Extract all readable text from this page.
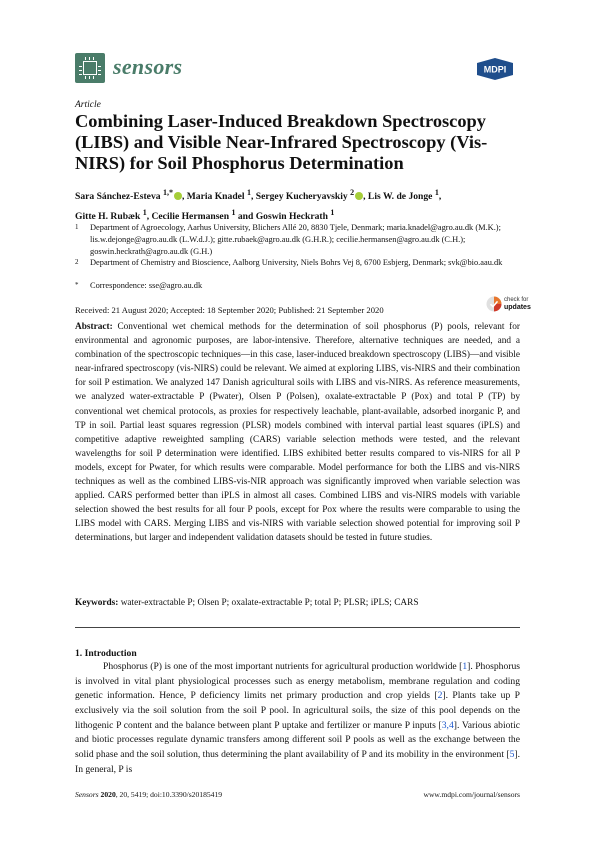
sensors	MDPI
Article
Combining Laser-Induced Breakdown Spectroscopy (LIBS) and Visible Near-Infrared Spectroscopy (Vis-NIRS) for Soil Phosphorus Determination
Sara Sánchez-Esteva $^{1,*}$ , Maria Knadel $^1$, Sergey Kucheryavskiy $^2$ , Lis W. de Jonge $^1$,
Gitte H. Rubæk $^1$, Cecilie Hermansen $^1$ and Goswin Heckrath $^1$
1 Department of Agroecology, Aarhus University, Blichers Allé 20, 8830 Tjele, Denmark; maria.knadel@agro.au.dk (M.K.); lis.w.dejonge@agro.au.dk (L.W.d.J.); gitte.rubaek@agro.au.dk (G.H.R.); cecilie.hermansen@agro.au.dk (C.H.); goswin.heckrath@agro.au.dk (G.H.)
2 Department of Chemistry and Bioscience, Aalborg University, Niels Bohrs Vej 8, 6700 Esbjerg, Denmark; svk@bio.aau.dk
* Correspondence: sse@agro.au.dk
Received: 21 August 2020; Accepted: 18 September 2020; Published: 21 September 2020
check for
updates
Abstract: Conventional wet chemical methods for the determination of soil phosphorus (P) pools, relevant for environmental and agronomic purposes, are labor-intensive. Therefore, alternative techniques are needed, and a combination of the spectroscopic techniques—in this case, laser-induced breakdown spectroscopy (LIBS)—and visible near-infrared spectroscopy (vis-NIRS) could be relevant. We aimed at exploring LIBS, vis-NIRS and their combination for soil P estimation. We analyzed 147 Danish agricultural soils with LIBS and vis-NIRS. As reference measurements, we analyzed water-extractable P (Pwater), Olsen P (Polsen), oxalate-extractable P (Pox) and total P (TP) by conventional wet chemical protocols, as proxies for respectively leachable, plant-available, adsorbed inorganic P, and TP in soil. Partial least squares regression (PLSR) models combined with interval partial least squares (iPLS) and competitive adaptive reweighted sampling (CARS) variable selection methods were tested, and the relevant wavelengths for soil P determination were identified. LIBS exhibited better results compared to vis-NIRS for all P models, except for Pwater, for which results were comparable. Model performance for both the LIBS and vis-NIRS techniques as well as the combined LIBS-vis-NIR approach was significantly improved when variable selection was applied. CARS performed better than iPLS in almost all cases. Combined LIBS and vis-NIRS models with variable selection showed the best results for all four P pools, except for Pox where the results were comparable to using the LIBS model with CARS. Merging LIBS and vis-NIRS with variable selection showed potential for improving soil P determinations, but larger and independent validation datasets should be tested in future studies.
Keywords: water-extractable P; Olsen P; oxalate-extractable P; total P; PLSR; iPLS; CARS
1. Introduction
Phosphorus (P) is one of the most important nutrients for agricultural production worldwide [1]. Phosphorus is involved in vital plant physiological processes such as energy metabolism, membrane regulation and coding genetic information. Hence, P deficiency limits net primary production and crop yields [2]. Plants take up P exclusively via the soil solution from the soil P pool. In agricultural soils, the size of this pool depends on the lithogenic P content and the balance between plant P uptake and fertilizer or manure P inputs [3,4]. Various abiotic and biotic processes regulate dynamic transfers among different soil P pools as well as the exchange between the solid phase and the soil solution, thus determining the plant availability of P and its mobility in the environment [5]. In general, P is
Sensors 2020, 20, 5419; doi:10.3390/s20185419	www.mdpi.com/journal/sensors
